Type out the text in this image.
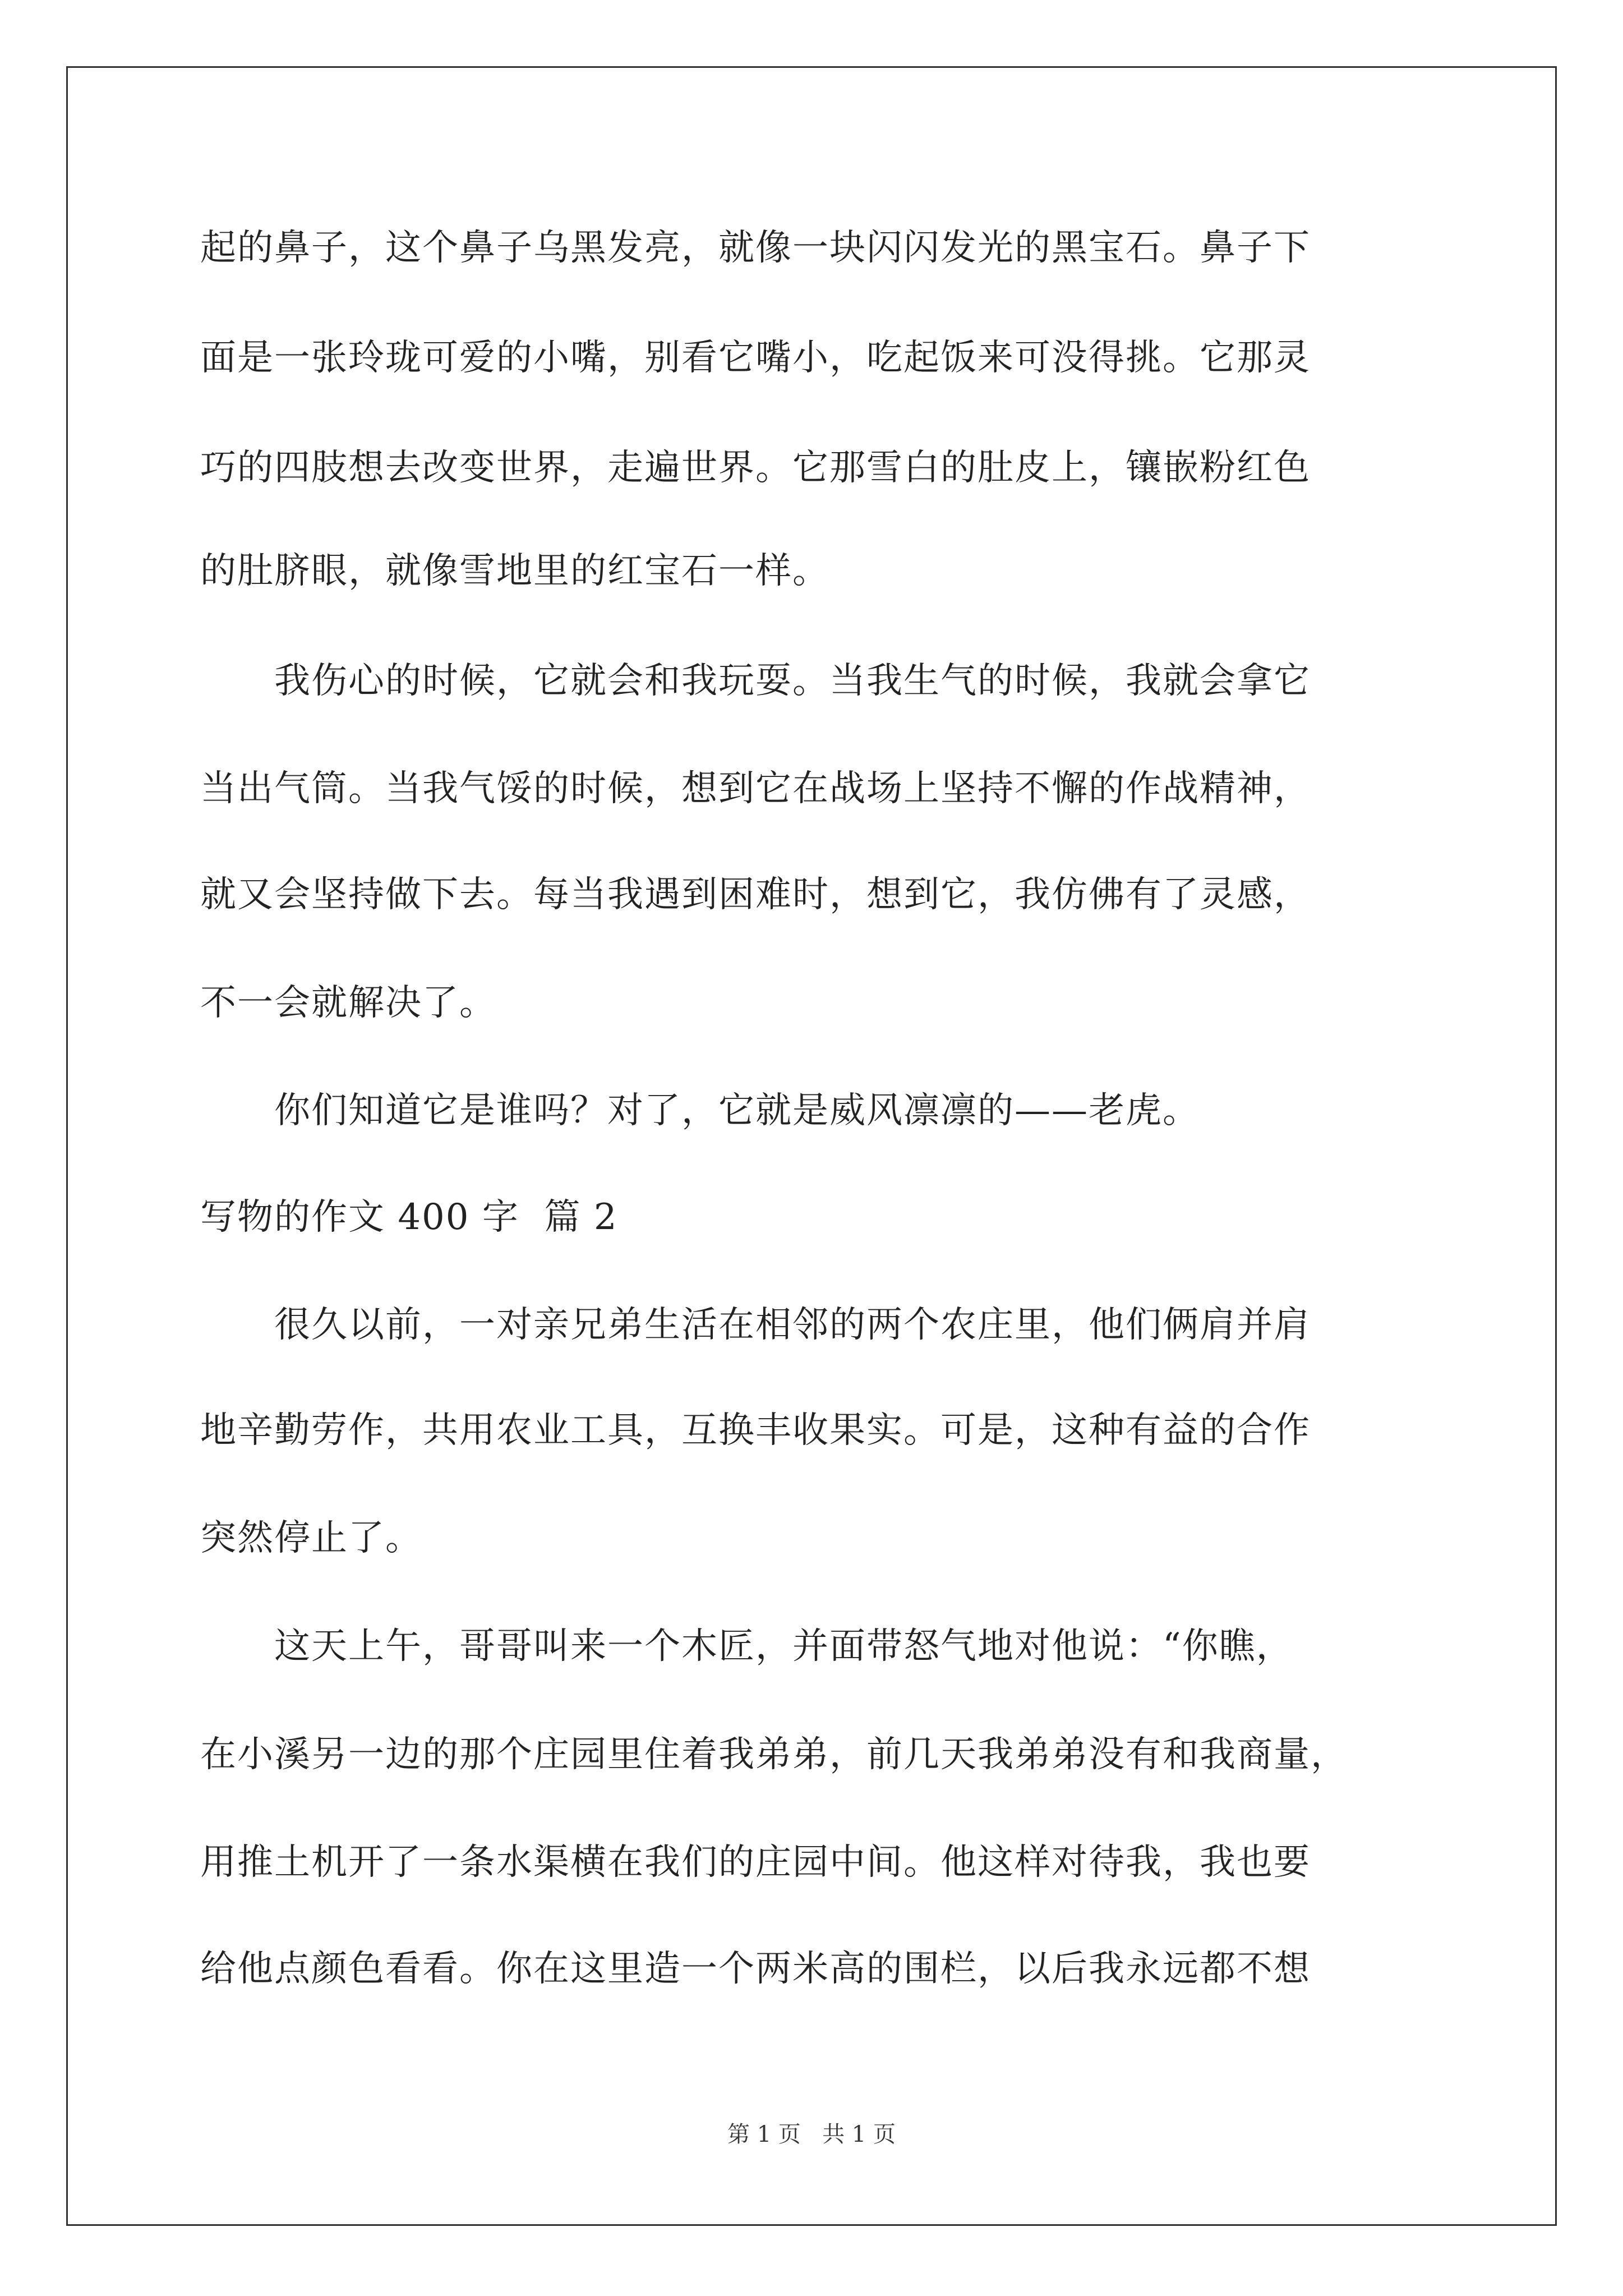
起的鼻子，这个鼻子乌黑发亮，就像一块闪闪发光的黑宝石。鼻子下
面是一张玲珑可爱的小嘴，别看它嘴小，吃起饭来可没得挑。它那灵
巧的四肢想去改变世界，走遍世界。它那雪白的肚皮上，镶嵌粉红色
的肚脐眼，就像雪地里的红宝石一样。
　　我伤心的时候，它就会和我玩耍。当我生气的时候，我就会拿它
当出气筒。当我气馁的时候，想到它在战场上坚持不懈的作战精神，
就又会坚持做下去。每当我遇到困难时，想到它，我仿佛有了灵感，
不一会就解决了。
　　你们知道它是谁吗？对了，它就是威风凛凛的——老虎。
写物的作文 400 字  篇 2
　　很久以前，一对亲兄弟生活在相邻的两个农庄里，他们俩肩并肩
地辛勤劳作，共用农业工具，互换丰收果实。可是，这种有益的合作
突然停止了。
　　这天上午，哥哥叫来一个木匠，并面带怒气地对他说：“你瞧，
在小溪另一边的那个庄园里住着我弟弟，前几天我弟弟没有和我商量，
用推土机开了一条水渠横在我们的庄园中间。他这样对待我，我也要
给他点颜色看看。你在这里造一个两米高的围栏，以后我永远都不想
第 1 页   共 1 页
